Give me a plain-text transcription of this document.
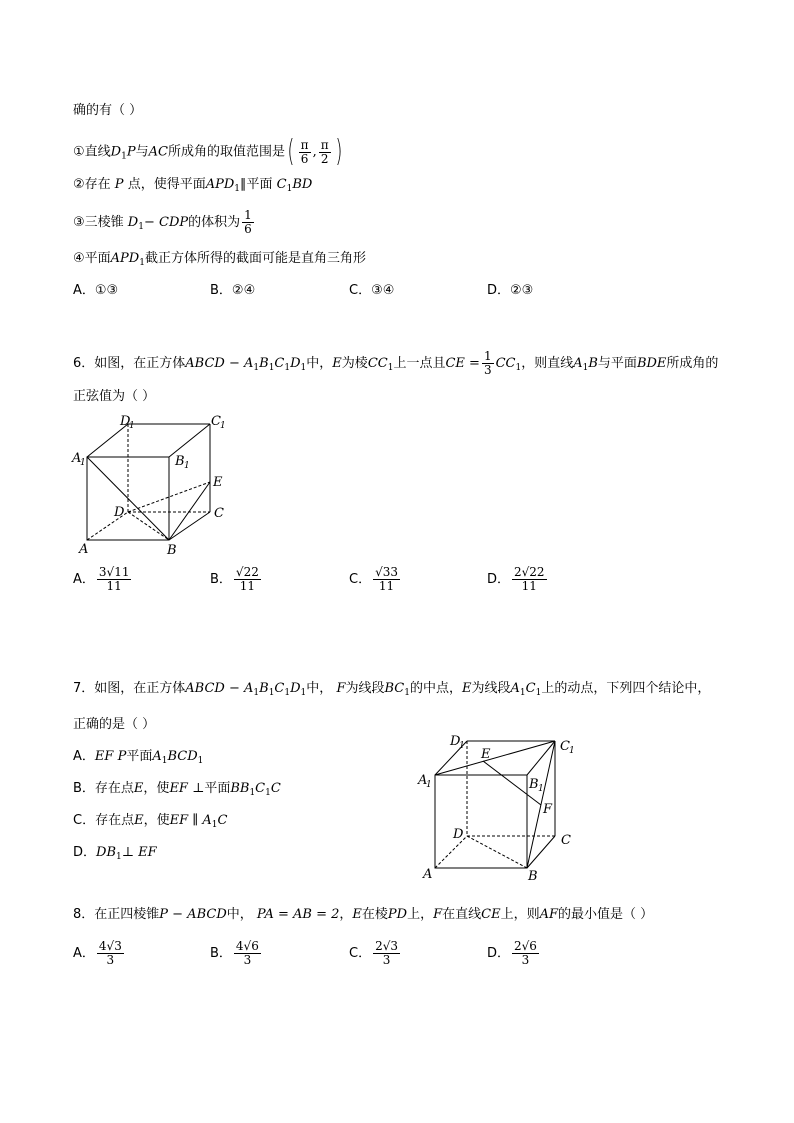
确的有（ ）
①直线$D_1P$与AC所成角的取值范围是( $\frac{\pi}{6}$ , $\frac{\pi}{2}$ )
②存在 P 点，使得平面$APD_1\parallel$平面 $C_1BD$
③三棱锥 $D_1-$ CDP的体积为 $\frac{1}{6}$
④平面$APD_1$截正方体所得的截面可能是直角三角形
A．①③	B．②④	C．③④	D．②③
6．如图，在正方体ABCD − $A_1B_1C_1D_1$中，E为棱$CC_1$上一点且CE = $\frac{1}{3} CC_1$，则直线$A_1B$与平面BDE所成角的
正弦值为（ ）
D
1	C 1
A
1	B 1
E
D	C
A	B
A． $\frac{3√11}{11}$	B． $\frac{√22}{11}$	C． $\frac{√33}{11}$	D． $\frac{2√22}{11}$
7．如图，在正方体ABCD − $A_1B_1C_1D_1$中， F为线段$BC_1$的中点，E为线段$A_1C_1$上的动点，下列四个结论中，
正确的是（ ）
A．EF P平面$A_1BCD_1$
B．存在点E，使EF ⊥平面$BB_1C_1C$
C．存在点E，使EF ∥ $A_1C$
D．$DB_1\perp$ EF
D
1	C 1
A
1	B 1
E
F
D	C
A	B
8．在正四棱锥P − ABCD中， PA = AB = 2，E在棱PD上，F在直线CE上，则AF的最小值是（ ）
A． $\frac{4√3}{3}$	B． $\frac{4√6}{3}$	C． $\frac{2√3}{3}$	D． $\frac{2√6}{3}$
